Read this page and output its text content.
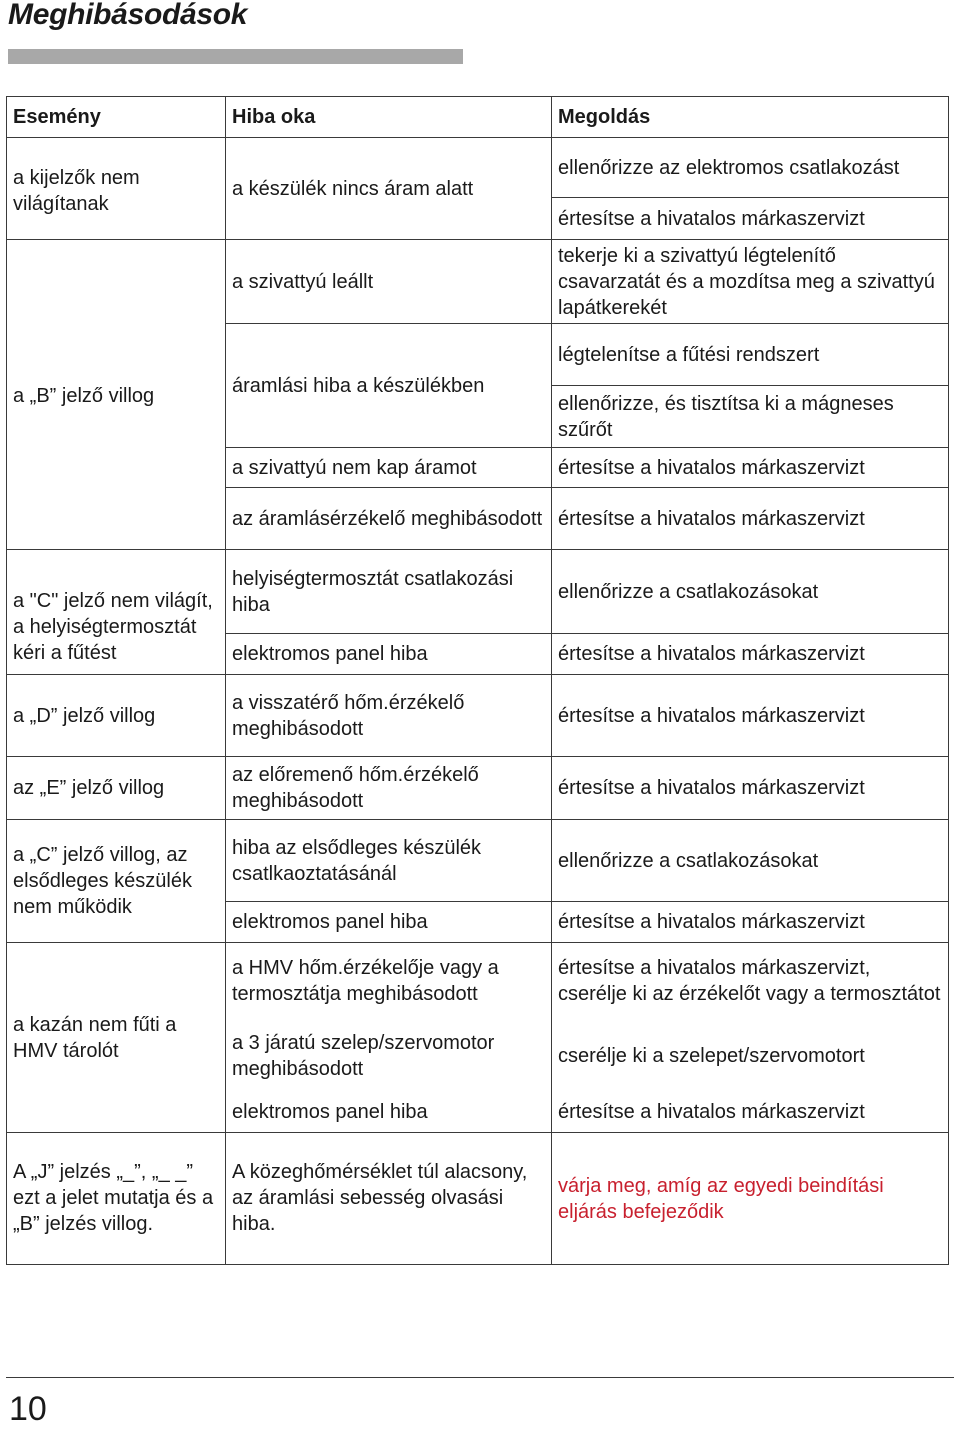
Meghibásodások
Esemény	Hiba oka	Megoldás
a kijelzők nem világítanak	a készülék nincs áram alatt	ellenőrizze az elektromos csatlakozást
		értesítse a hivatalos márkaszervizt
a „B” jelző villog	a szivattyú leállt	tekerje ki a szivattyú légtelenítő csavarzatát és a mozdítsa meg a szivattyú lapátkerekét
	áramlási hiba a készülékben	légtelenítse a fűtési rendszert
		ellenőrizze, és tisztítsa ki a mágneses szűrőt
	a szivattyú nem kap áramot	értesítse a hivatalos márkaszervizt
	az áramlásérzékelő meghibásodott	értesítse a hivatalos márkaszervizt
a "C" jelző nem világít, a helyiségtermosztát kéri a fűtést	helyiségtermosztát csatlakozási hiba	ellenőrizze a csatlakozásokat
	elektromos panel hiba	értesítse a hivatalos márkaszervizt
a „D” jelző villog	a visszatérő hőm.érzékelő meghibásodott	értesítse a hivatalos márkaszervizt
az „E” jelző villog	az előremenő hőm.érzékelő meghibásodott	értesítse a hivatalos márkaszervizt
a „C” jelző villog, az elsődleges készülék nem működik	hiba az elsődleges készülék csatlkaoztatásánál	ellenőrizze a csatlakozásokat
	elektromos panel hiba	értesítse a hivatalos márkaszervizt
a kazán nem fűti a HMV tárolót	a HMV hőm.érzékelője vagy a termosztátja meghibásodott	értesítse a hivatalos márkaszervizt, cserélje ki az érzékelőt vagy a termosztátot
	a 3 járatú szelep/szervomotor meghibásodott	cserélje ki a szelepet/szervomotort
	elektromos panel hiba	értesítse a hivatalos márkaszervizt
A „J” jelzés „_”, „_ _” ezt a jelet mutatja és a „B” jelzés villog.	A közeghőmérséklet túl alacsony, az áramlási sebesség olvasási hiba.	várja meg, amíg az egyedi beindítási eljárás befejeződik
10
